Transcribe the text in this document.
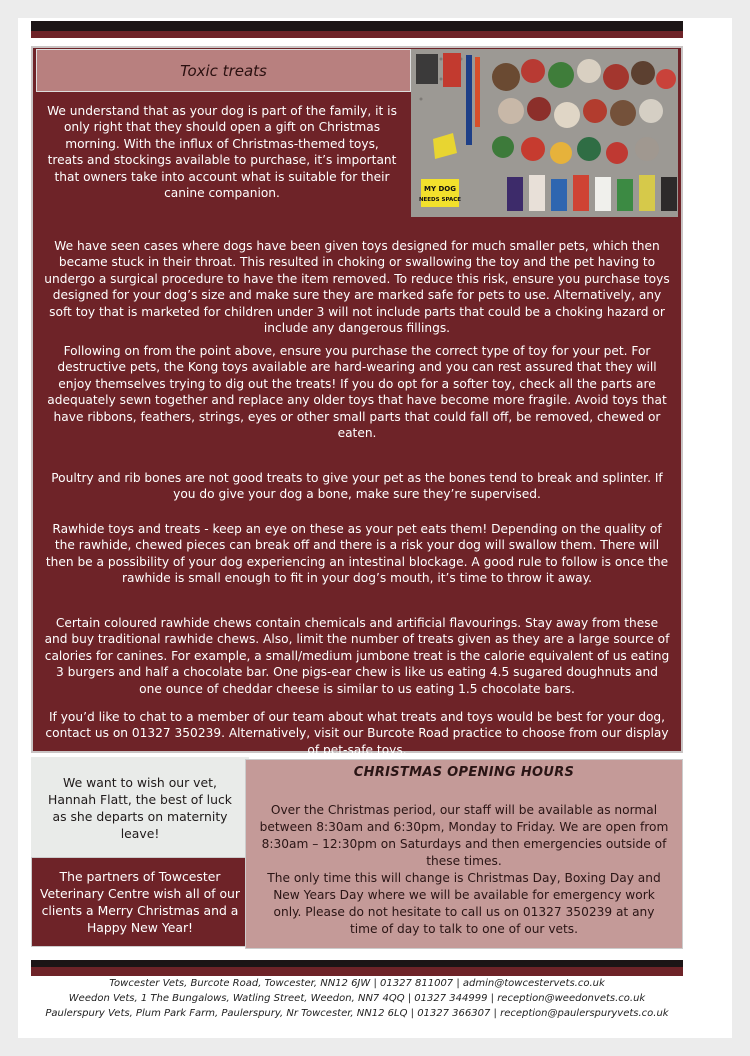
Toxic treats
MY DOG
NEEDS SPACE
We understand that as your dog is part of the family, it is only right that they should open a gift on Christmas morning. With the influx of Christmas-themed toys, treats and stockings available to purchase, it’s important that owners take into account what is suitable for their canine companion.
We have seen cases where dogs have been given toys designed for much smaller pets, which then became stuck in their throat. This resulted in choking or swallowing the toy and the pet having to undergo a surgical procedure to have the item removed. To reduce this risk, ensure you purchase toys designed for your dog’s size and make sure they are marked safe for pets to use. Alternatively, any soft toy that is marketed for children under 3 will not include parts that could be a choking hazard or include any dangerous fillings.
Following on from the point above, ensure you purchase the correct type of toy for your pet. For destructive pets, the Kong toys available are hard-wearing and you can rest assured that they will enjoy themselves trying to dig out the treats! If you do opt for a softer toy, check all the parts are adequately sewn together and replace any older toys that have become more fragile. Avoid toys that have ribbons, feathers, strings, eyes or other small parts that could fall off, be removed, chewed or eaten.
Poultry and rib bones are not good treats to give your pet as the bones tend to break and splinter. If you do give your dog a bone, make sure they’re supervised.
Rawhide toys and treats - keep an eye on these as your pet eats them! Depending on the quality of the rawhide, chewed pieces can break off and there is a risk your dog will swallow them. There will then be a possibility of your dog experiencing an intestinal blockage. A good rule to follow is once the rawhide is small enough to fit in your dog’s mouth, it’s time to throw it away.
Certain coloured rawhide chews contain chemicals and artificial flavourings. Stay away from these and buy traditional rawhide chews. Also, limit the number of treats given as they are a large source of calories for canines. For example, a small/medium jumbone treat is the calorie equivalent of us eating 3 burgers and half a chocolate bar. One pigs-ear chew is like us eating 4.5 sugared doughnuts and one ounce of cheddar cheese is similar to us eating 1.5 chocolate bars.
If you’d like to chat to a member of our team about what treats and toys would be best for your dog, contact us on 01327 350239. Alternatively, visit our Burcote Road practice to choose from our display of pet-safe toys.

We want to wish our vet, Hannah Flatt, the best of luck as she departs on maternity leave!

The partners of Towcester Veterinary Centre wish all of our clients a Merry Christmas and a Happy New Year!

CHRISTMAS OPENING HOURS

Over the Christmas period, our staff will be available as normal between 8:30am and 6:30pm, Monday to Friday. We are open from 8:30am – 12:30pm on Saturdays and then emergencies outside of these times.

The only time this will change is Christmas Day, Boxing Day and New Years Day where we will be available for emergency work only. Please do not hesitate to call us on 01327 350239 at any time of day to talk to one of our vets.

Towcester Vets, Burcote Road, Towcester, NN12 6JW | 01327 811007 | admin@towcestervets.co.uk
Weedon Vets, 1 The Bungalows, Watling Street, Weedon, NN7 4QQ | 01327 344999 | reception@weedonvets.co.uk
Paulerspury Vets, Plum Park Farm, Paulerspury, Nr Towcester, NN12 6LQ | 01327 366307 | reception@paulerspuryvets.co.uk
